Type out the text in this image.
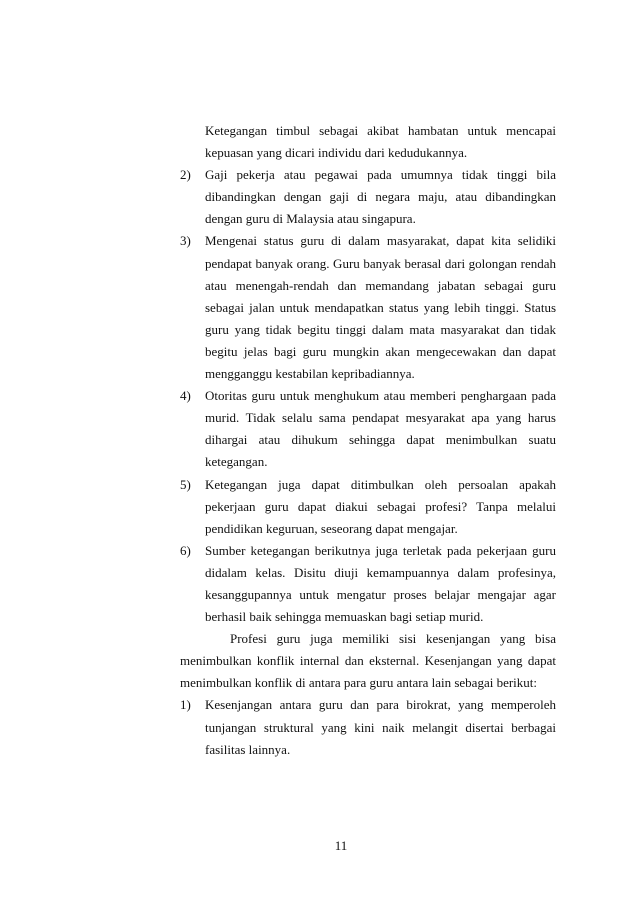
Ketegangan timbul sebagai akibat hambatan untuk mencapai
kepuasan yang dicari individu dari kedudukannya.
2) Gaji pekerja atau pegawai pada umumnya tidak tinggi bila
dibandingkan dengan gaji di negara maju, atau dibandingkan
dengan guru di Malaysia atau singapura.
3) Mengenai status guru di dalam masyarakat, dapat kita selidiki
pendapat banyak orang. Guru banyak berasal dari golongan rendah
atau menengah-rendah dan memandang jabatan sebagai guru
sebagai jalan untuk mendapatkan status yang lebih tinggi. Status
guru yang tidak begitu tinggi dalam mata masyarakat dan tidak
begitu jelas bagi guru mungkin akan mengecewakan dan dapat
mengganggu kestabilan kepribadiannya.
4) Otoritas guru untuk menghukum atau memberi penghargaan pada
murid. Tidak selalu sama pendapat mesyarakat apa yang harus
dihargai atau dihukum sehingga dapat menimbulkan suatu
ketegangan.
5) Ketegangan juga dapat ditimbulkan oleh persoalan apakah
pekerjaan guru dapat diakui sebagai profesi? Tanpa melalui
pendidikan keguruan, seseorang dapat mengajar.
6) Sumber ketegangan berikutnya juga terletak pada pekerjaan guru
didalam kelas. Disitu diuji kemampuannya dalam profesinya,
kesanggupannya untuk mengatur proses belajar mengajar agar
berhasil baik sehingga memuaskan bagi setiap murid.
Profesi guru juga memiliki sisi kesenjangan yang bisa
menimbulkan konflik internal dan eksternal. Kesenjangan yang dapat
menimbulkan konflik di antara para guru antara lain sebagai berikut:
1) Kesenjangan antara guru dan para birokrat, yang memperoleh
tunjangan struktural yang kini naik melangit disertai berbagai
fasilitas lainnya.
11
